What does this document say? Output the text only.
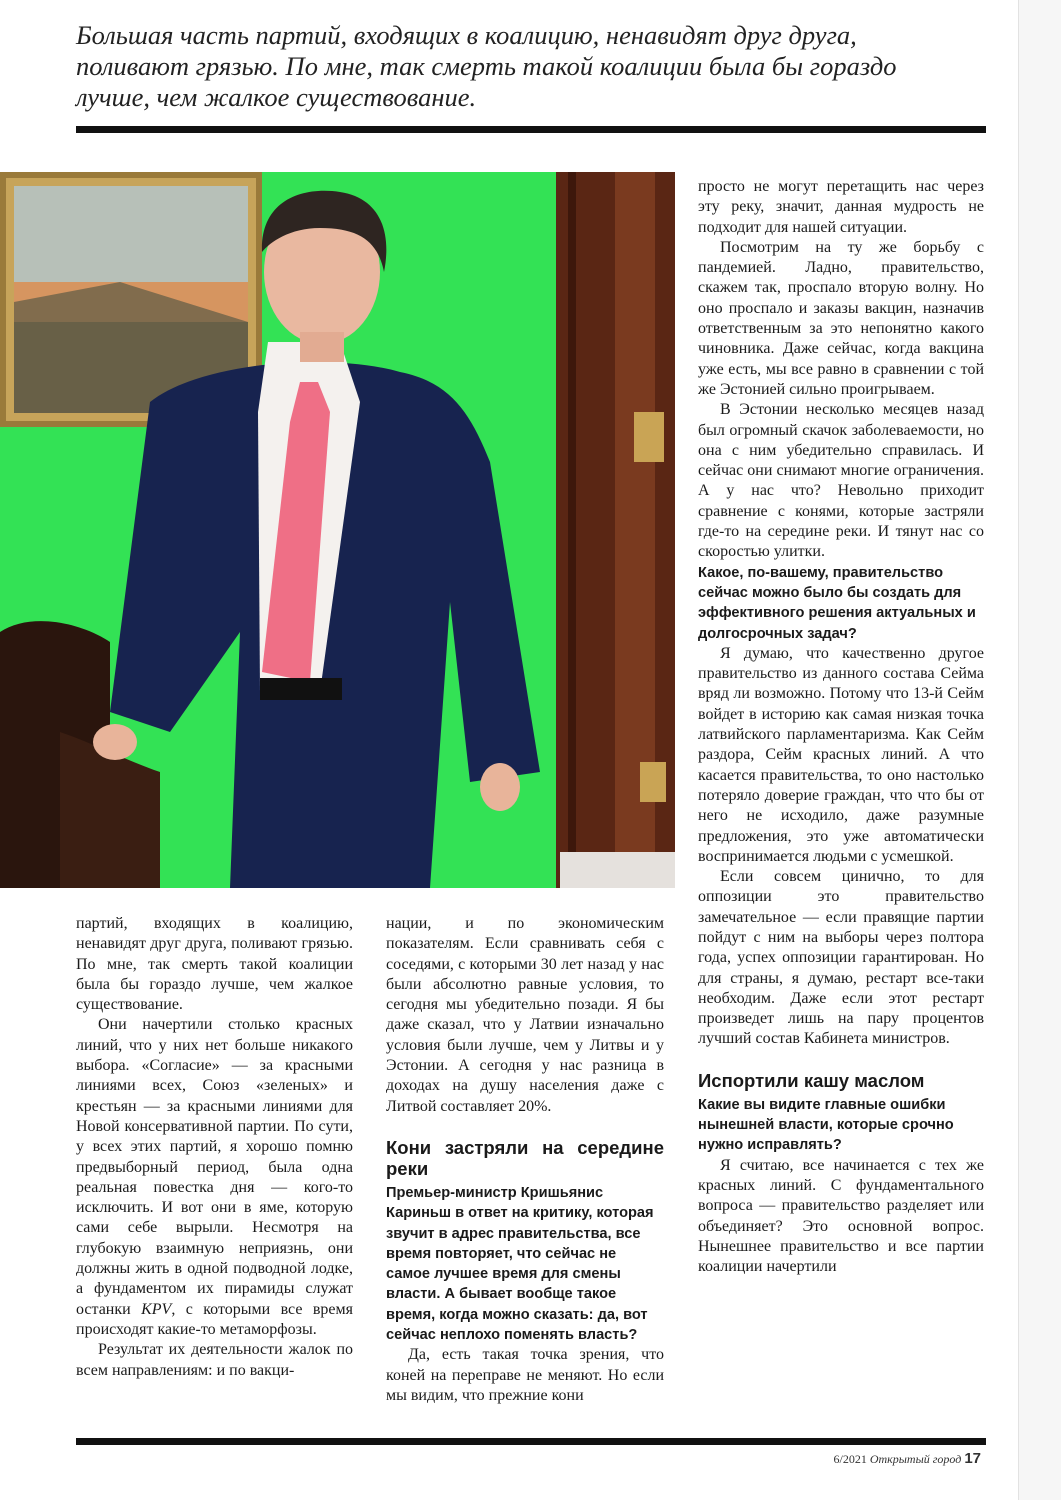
Большая часть партий, входящих в коалицию, ненавидят друг друга, поливают грязью. По мне, так смерть такой коалиции была бы гораздо лучше, чем жалкое существование.

партий, входящих в коалицию, ненавидят друг друга, поливают грязью. По мне, так смерть такой коалиции была бы гораздо лучше, чем жалкое существование.

Они начертили столько красных линий, что у них нет больше никакого выбора. «Согласие» — за красными линиями всех, Союз «зеленых» и крестьян — за красными линиями для Новой консервативной партии. По сути, у всех этих партий, я хорошо помню предвыборный период, была одна реальная повестка дня — кого-то исключить. И вот они в яме, которую сами себе вырыли. Несмотря на глубокую взаимную неприязнь, они должны жить в одной подводной лодке, а фундаментом их пирамиды служат останки KPV, с которыми все время происходят какие-то метаморфозы.

Результат их деятельности жалок по всем направлениям: и по вакци-

нации, и по экономическим показателям. Если сравнивать себя с соседями, с которыми 30 лет назад у нас были абсолютно равные условия, то сегодня мы убедительно позади. Я бы даже сказал, что у Латвии изначально условия были лучше, чем у Литвы и у Эстонии. А сегодня у нас разница в доходах на душу населения даже с Литвой составляет 20%.

Кони застряли на середине реки

Премьер-министр Кришьянис Кариньш в ответ на критику, которая звучит в адрес правительства, все время повторяет, что сейчас не самое лучшее время для смены власти. А бывает вообще такое время, когда можно сказать: да, вот сейчас неплохо поменять власть?

Да, есть такая точка зрения, что коней на переправе не меняют. Но если мы видим, что прежние кони

просто не могут перетащить нас через эту реку, значит, данная мудрость не подходит для нашей ситуации.

Посмотрим на ту же борьбу с пандемией. Ладно, правительство, скажем так, проспало вторую волну. Но оно проспало и заказы вакцин, назначив ответственным за это непонятно какого чиновника. Даже сейчас, когда вакцина уже есть, мы все равно в сравнении с той же Эстонией сильно проигрываем.

В Эстонии несколько месяцев назад был огромный скачок заболеваемости, но она с ним убедительно справилась. И сейчас они снимают многие ограничения. А у нас что? Невольно приходит сравнение с конями, которые застряли где-то на середине реки. И тянут нас со скоростью улитки.

Какое, по-вашему, правительство сейчас можно было бы создать для эффективного решения актуальных и долгосрочных задач?

Я думаю, что качественно другое правительство из данного состава Сейма вряд ли возможно. Потому что 13-й Сейм войдет в историю как самая низкая точка латвийского парламентаризма. Как Сейм раздора, Сейм красных линий. А что касается правительства, то оно настолько потеряло доверие граждан, что что бы от него не исходило, даже разумные предложения, это уже автоматически воспринимается людьми с усмешкой.

Если совсем цинично, то для оппозиции это правительство замечательное — если правящие партии пойдут с ним на выборы через полтора года, успех оппозиции гарантирован. Но для страны, я думаю, рестарт все-таки необходим. Даже если этот рестарт произведет лишь на пару процентов лучший состав Кабинета министров.

Испортили кашу маслом

Какие вы видите главные ошибки нынешней власти, которые срочно нужно исправлять?

Я считаю, все начинается с тех же красных линий. С фундаментального вопроса — правительство разделяет или объединяет? Это основной вопрос. Нынешнее правительство и все партии коалиции начертили

6/2021 Открытый город 17
